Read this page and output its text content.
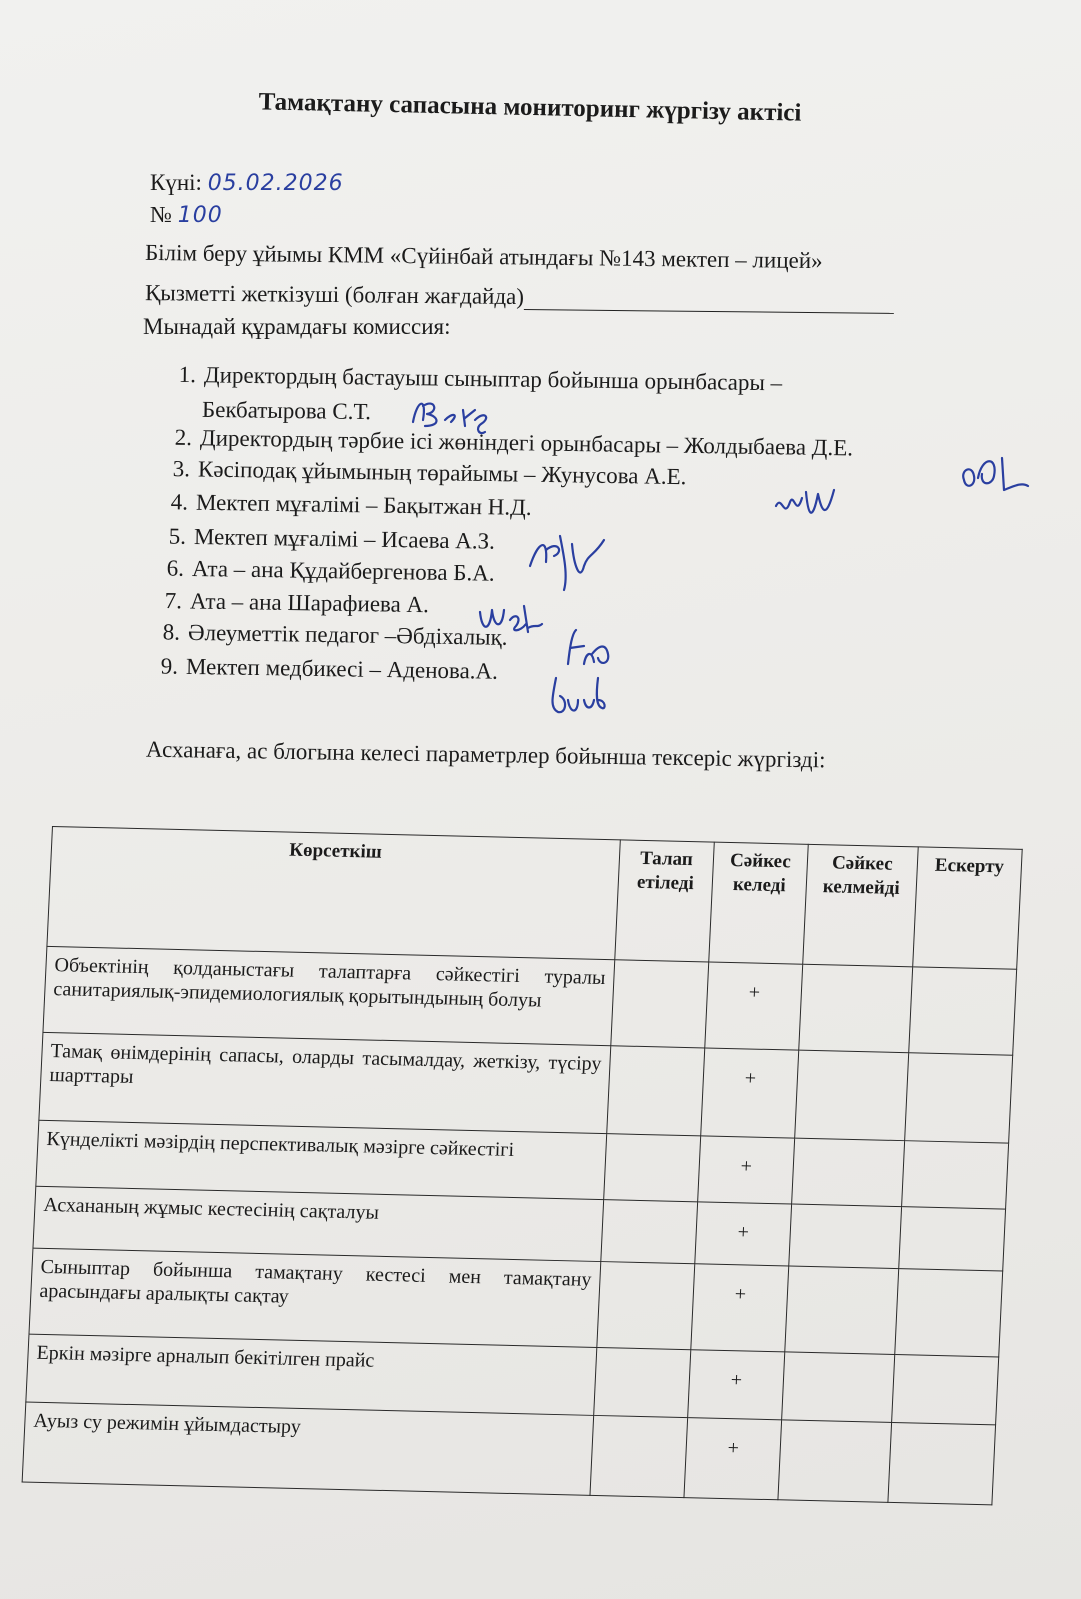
Тамақтану сапасына мониторинг жүргізу актісі
Күні: 05.02.2026
№ 100
Білім беру ұйымы КММ «Сүйінбай атындағы №143 мектеп – лицей»
Қызметті жеткізуші (болған жағдайда)
Мынадай құрамдағы комиссия:
1. Директордың бастауыш сыныптар бойынша орынбасары –
Бекбатырова С.Т.
2. Директордың тәрбие ісі жөніндегі орынбасары – Жолдыбаева Д.Е.
3. Кәсіподақ ұйымының төрайымы – Жунусова А.Е.
4. Мектеп мұғалімі – Бақытжан Н.Д.
5. Мектеп мұғалімі – Исаева А.З.
6. Ата – ана Құдайбергенова Б.А.
7. Ата – ана Шарафиева А.
8. Әлеуметтік педагог –Әбдіхалық.
9. Мектеп медбикесі – Аденова.А.
Асханаға, ас блогына келесі параметрлер бойынша тексеріс жүргізді:
Көрсеткіш	Талап етіледі	Сәйкес келеді	Сәйкес келмейді	Ескерту
Объектінің қолданыстағы талаптарға сәйкестігі туралы санитариялық-эпидемиологиялық қорытындының болуы		+		
Тамақ өнімдерінің сапасы, оларды тасымалдау, жеткізу, түсіру шарттары		+		
Күнделікті мәзірдің перспективалық мәзірге сәйкестігі		+		
Асхананың жұмыс кестесінің сақталуы		+		
Сыныптар бойынша тамақтану кестесі мен тамақтану арасындағы аралықты сақтау		+		
Еркін мәзірге арналып бекітілген прайс		+		
Ауыз су режимін ұйымдастыру		+		
